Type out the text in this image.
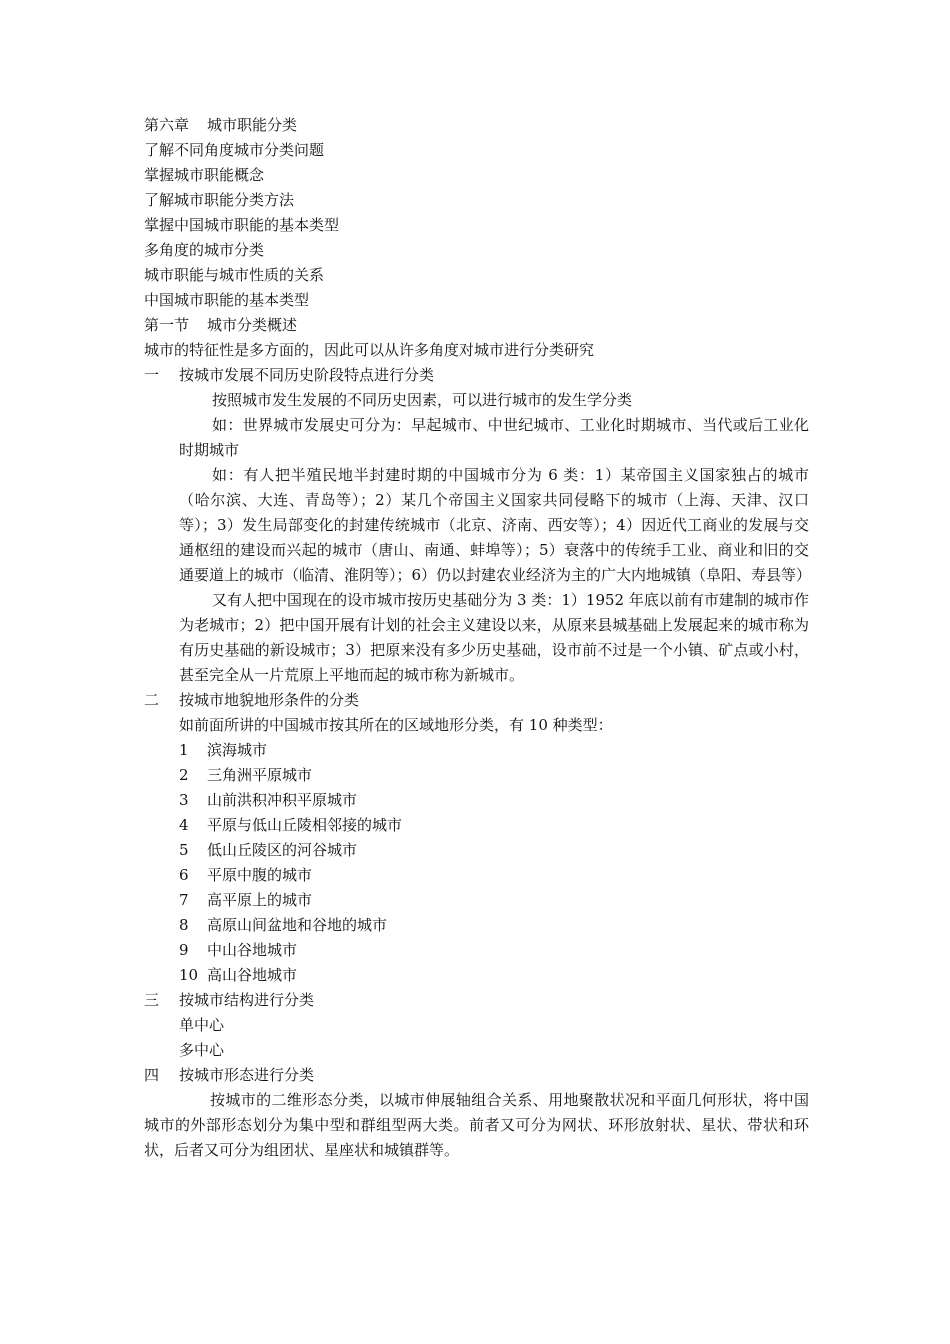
第六章 城市职能分类
了解不同角度城市分类问题
掌握城市职能概念
了解城市职能分类方法
掌握中国城市职能的基本类型
多角度的城市分类
城市职能与城市性质的关系
中国城市职能的基本类型
第一节 城市分类概述
城市的特征性是多方面的，因此可以从许多角度对城市进行分类研究
一 按城市发展不同历史阶段特点进行分类
按照城市发生发展的不同历史因素，可以进行城市的发生学分类
如：世界城市发展史可分为：早起城市、中世纪城市、工业化时期城市、当代或后工业化时期城市
如：有人把半殖民地半封建时期的中国城市分为 6 类：1）某帝国主义国家独占的城市（哈尔滨、大连、青岛等）；2）某几个帝国主义国家共同侵略下的城市（上海、天津、汉口等）；3）发生局部变化的封建传统城市（北京、济南、西安等）；4）因近代工商业的发展与交通枢纽的建设而兴起的城市（唐山、南通、蚌埠等）；5）衰落中的传统手工业、商业和旧的交通要道上的城市（临清、淮阴等）；6）仍以封建农业经济为主的广大内地城镇（阜阳、寿县等）
又有人把中国现在的设市城市按历史基础分为 3 类：1）1952 年底以前有市建制的城市作为老城市；2）把中国开展有计划的社会主义建设以来，从原来县城基础上发展起来的城市称为有历史基础的新设城市；3）把原来没有多少历史基础，设市前不过是一个小镇、矿点或小村，甚至完全从一片荒原上平地而起的城市称为新城市。
二 按城市地貌地形条件的分类
如前面所讲的中国城市按其所在的区域地形分类，有 10 种类型：
1 滨海城市
2 三角洲平原城市
3 山前洪积冲积平原城市
4 平原与低山丘陵相邻接的城市
5 低山丘陵区的河谷城市
6 平原中腹的城市
7 高平原上的城市
8 高原山间盆地和谷地的城市
9 中山谷地城市
10 高山谷地城市
三 按城市结构进行分类
单中心
多中心
四 按城市形态进行分类
按城市的二维形态分类，以城市伸展轴组合关系、用地聚散状况和平面几何形状，将中国城市的外部形态划分为集中型和群组型两大类。前者又可分为网状、环形放射状、星状、带状和环状，后者又可分为组团状、星座状和城镇群等。
